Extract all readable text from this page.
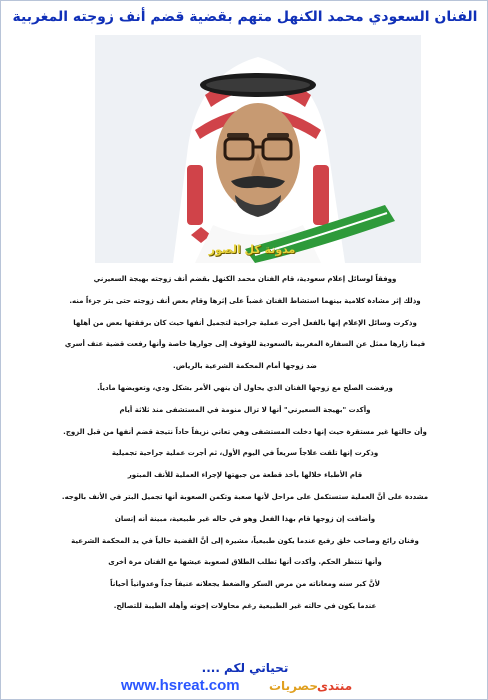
الفنان السعودي محمد الكنهل متهم بقضية قضم أنف زوجته المغربية
مدونة كل الصور

ووفقاً لوسائل إعلام سعودية، قام الفنان محمد الكنهل بقضم أنف زوجته بهيجة السعيرني

وذلك إثر مشادة كلامية بينهما استشاط الفنان غضباً على إثرها وقام بعض أنف زوجته حتى بتر جزءاً منه.

وذكرت وسائل الإعلام إنها بالفعل أجرت عملية جراحية لتجميل أنفها حيث كان برفقتها بعض من أهلها

فيما زارها ممثل عن السفارة المغربية بالسعودية للوقوف إلى جوارها خاصة وأنها رفعت قضية عنف أسري

ضد زوجها أمام المحكمة الشرعية بالرياض.

ورفضت الصلح مع زوجها الفنان الذي يحاول أن ينهي الأمر بشكل ودي، وتعويضها مادياً.

وأكدت "بهيجة السعيرني" أنها لا تزال منومة في المستشفى منذ ثلاثة أيام

وأن حالتها غير مستقرة حيث إنها دخلت المستشفى وهي تعاني نزيفاً حاداً نتيجة قضم أنفها من قبل الزوج.

وذكرت إنها تلقت علاجاً سريعاً في اليوم الأول، ثم أجرت عملية جراحية تجميلية

قام الأطباء خلالها بأخذ قطعة من جبهتها لإجراء العملية للأنف المبتور

مشددة على أنَّ العملية ستستكمل على مراحل لأنها صعبة وتكمن الصعوبة أنها تجميل البتر في الأنف بالوجه.

وأضافت إن زوجها قام بهذا الفعل وهو في حاله غير طبيعية، مبينة أنه إنسان

وفنان رائع وصاحب خلق رفيع عندما يكون طبيعياً، مشيرة إلى أنَّ القضية حالياً في يد المحكمة الشرعية

وأنها تنتظر الحكم. وأكدت أنها تطلب الطلاق لصعوبة عيشها مع الفنان مرة أخرى

لأنَّ كبر سنه ومعاناته من مرض السكر والضغط يجعلانه عنيفاً جداً وعدوانياً أحياناً

عندما يكون في حالته غير الطبيعية رغم محاولات إخوته وأهله الطيبة للتصالح.

تحياتي لكم ....
www.hsreat.com حصريات
منتدى
